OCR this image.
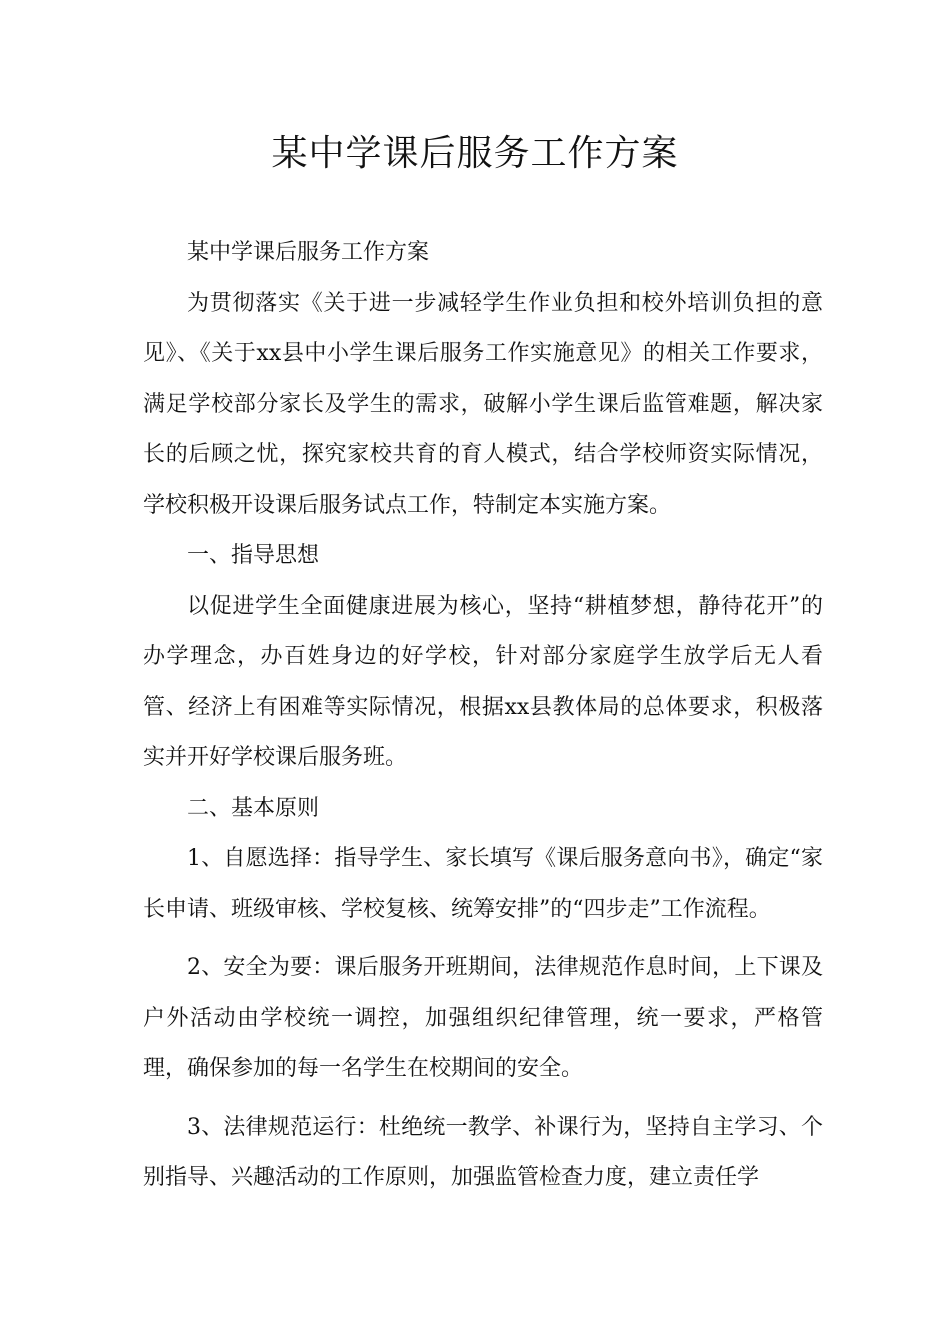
某中学课后服务工作方案

某中学课后服务工作方案

为贯彻落实《关于进一步减轻学生作业负担和校外培训负担的意见》、《关于xx县中小学生课后服务工作实施意见》的相关工作要求，满足学校部分家长及学生的需求，破解小学生课后监管难题，解决家长的后顾之忧，探究家校共育的育人模式，结合学校师资实际情况，学校积极开设课后服务试点工作，特制定本实施方案。

一、指导思想

以促进学生全面健康进展为核心，坚持“耕植梦想，静待花开”的办学理念，办百姓身边的好学校，针对部分家庭学生放学后无人看管、经济上有困难等实际情况，根据xx县教体局的总体要求，积极落实并开好学校课后服务班。

二、基本原则

1、自愿选择：指导学生、家长填写《课后服务意向书》，确定“家长申请、班级审核、学校复核、统筹安排”的“四步走”工作流程。

2、安全为要：课后服务开班期间，法律规范作息时间，上下课及户外活动由学校统一调控，加强组织纪律管理，统一要求，严格管理，确保参加的每一名学生在校期间的安全。

3、法律规范运行：杜绝统一教学、补课行为，坚持自主学习、个别指导、兴趣活动的工作原则，加强监管检查力度，建立责任学
